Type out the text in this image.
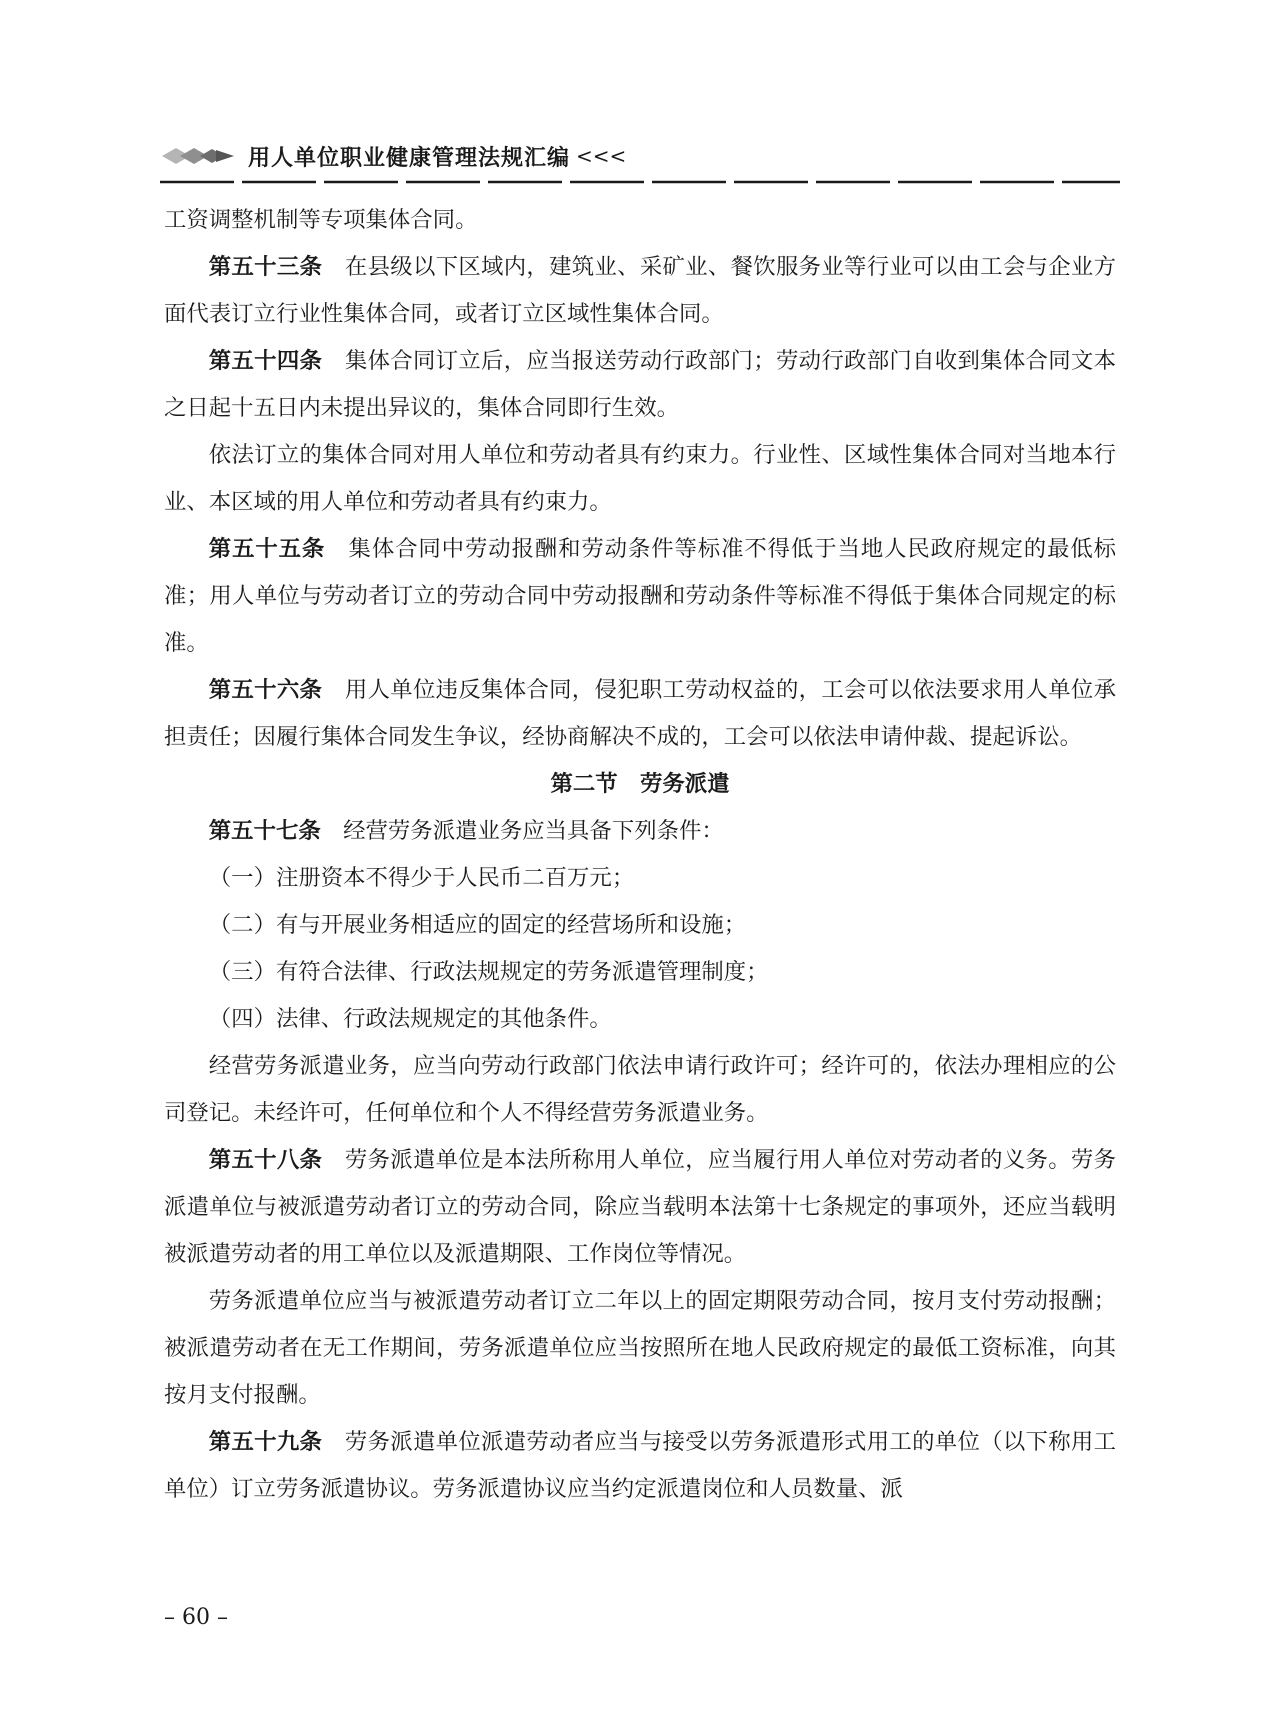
用人单位职业健康管理法规汇编 <<<

工资调整机制等专项集体合同。

第五十三条　 在县级以下区域内，建筑业、采矿业、餐饮服务业等行业可以由工会与企业方面代表订立行业性集体合同，或者订立区域性集体合同。

第五十四条　 集体合同订立后，应当报送劳动行政部门；劳动行政部门自收到集体合同文本之日起十五日内未提出异议的，集体合同即行生效。

依法订立的集体合同对用人单位和劳动者具有约束力。行业性、区域性集体合同对当地本行业、本区域的用人单位和劳动者具有约束力。

第五十五条　 集体合同中劳动报酬和劳动条件等标准不得低于当地人民政府规定的最低标准；用人单位与劳动者订立的劳动合同中劳动报酬和劳动条件等标准不得低于集体合同规定的标准。

第五十六条　 用人单位违反集体合同，侵犯职工劳动权益的，工会可以依法要求用人单位承担责任；因履行集体合同发生争议，经协商解决不成的，工会可以依法申请仲裁、提起诉讼。

第二节　劳务派遣

第五十七条　 经营劳务派遣业务应当具备下列条件：

（一）注册资本不得少于人民币二百万元；

（二）有与开展业务相适应的固定的经营场所和设施；

（三）有符合法律、行政法规规定的劳务派遣管理制度；

（四）法律、行政法规规定的其他条件。

经营劳务派遣业务，应当向劳动行政部门依法申请行政许可；经许可的，依法办理相应的公司登记。未经许可，任何单位和个人不得经营劳务派遣业务。

第五十八条　 劳务派遣单位是本法所称用人单位，应当履行用人单位对劳动者的义务。劳务派遣单位与被派遣劳动者订立的劳动合同，除应当载明本法第十七条规定的事项外，还应当载明被派遣劳动者的用工单位以及派遣期限、工作岗位等情况。

劳务派遣单位应当与被派遣劳动者订立二年以上的固定期限劳动合同，按月支付劳动报酬；被派遣劳动者在无工作期间，劳务派遣单位应当按照所在地人民政府规定的最低工资标准，向其按月支付报酬。

第五十九条　 劳务派遣单位派遣劳动者应当与接受以劳务派遣形式用工的单位（以下称用工单位）订立劳务派遣协议。劳务派遣协议应当约定派遣岗位和人员数量、派

– 60 –
